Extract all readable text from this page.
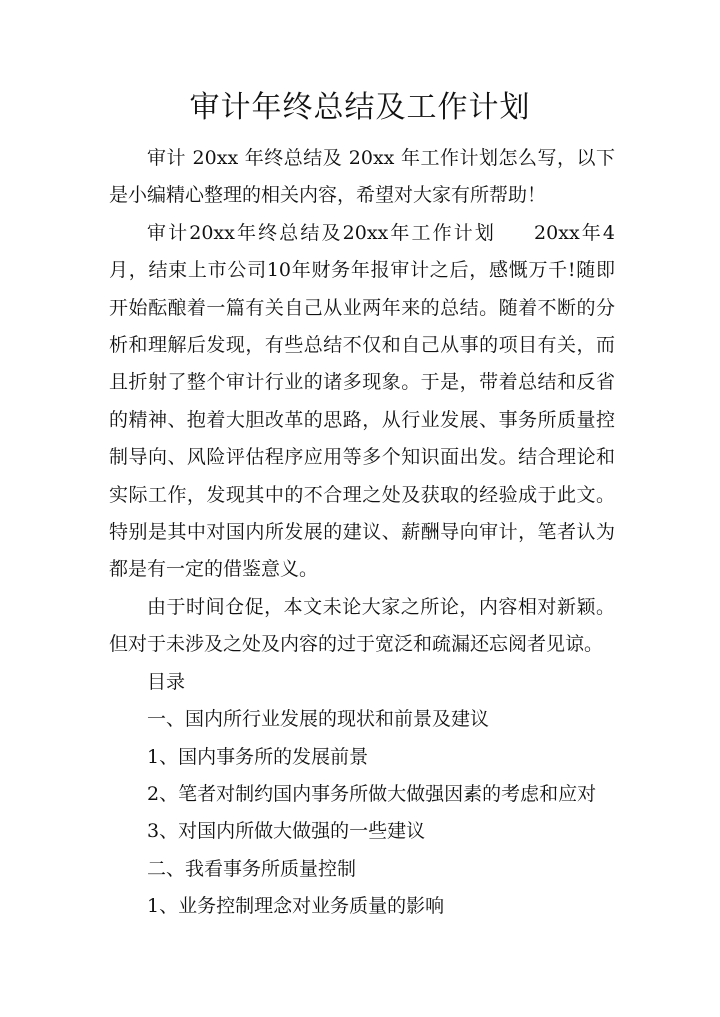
审计年终总结及工作计划

审计 20xx 年终总结及 20xx 年工作计划怎么写，以下是小编精心整理的相关内容，希望对大家有所帮助！

审计20xx年终总结及20xx年工作计划 20xx年4月，结束上市公司10年财务年报审计之后，感慨万千!随即开始酝酿着一篇有关自己从业两年来的总结。随着不断的分析和理解后发现，有些总结不仅和自己从事的项目有关，而且折射了整个审计行业的诸多现象。于是，带着总结和反省的精神、抱着大胆改革的思路，从行业发展、事务所质量控制导向、风险评估程序应用等多个知识面出发。结合理论和实际工作，发现其中的不合理之处及获取的经验成于此文。特别是其中对国内所发展的建议、薪酬导向审计，笔者认为都是有一定的借鉴意义。

由于时间仓促，本文未论大家之所论，内容相对新颖。但对于未涉及之处及内容的过于宽泛和疏漏还忘阅者见谅。

目录

一、国内所行业发展的现状和前景及建议

1、国内事务所的发展前景

2、笔者对制约国内事务所做大做强因素的考虑和应对

3、对国内所做大做强的一些建议

二、我看事务所质量控制

1、业务控制理念对业务质量的影响
